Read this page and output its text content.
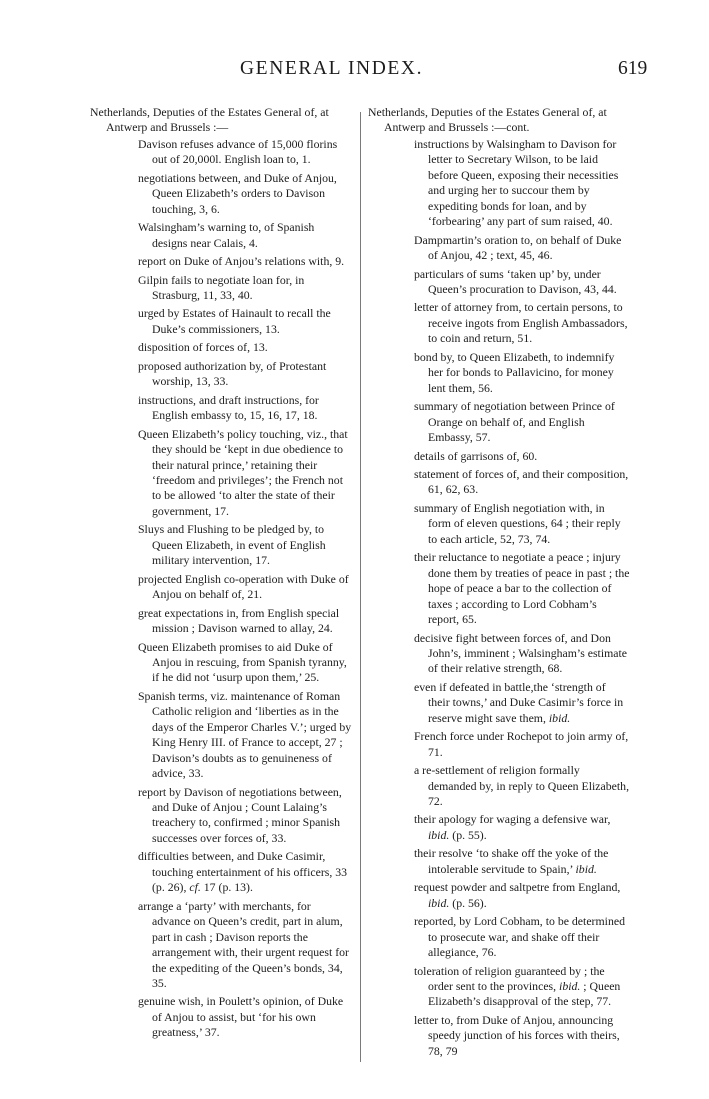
GENERAL INDEX.	619
Netherlands, Deputies of the Estates General of, at Antwerp and Brussels :—
Davison refuses advance of 15,000 florins out of 20,000l. English loan to, 1.
negotiations between, and Duke of Anjou, Queen Elizabeth’s orders to Davison touching, 3, 6.
Walsingham’s warning to, of Spanish designs near Calais, 4.
report on Duke of Anjou’s relations with, 9.
Gilpin fails to negotiate loan for, in Strasburg, 11, 33, 40.
urged by Estates of Hainault to recall the Duke’s commissioners, 13.
disposition of forces of, 13.
proposed authorization by, of Protestant worship, 13, 33.
instructions, and draft instructions, for English embassy to, 15, 16, 17, 18.
Queen Elizabeth’s policy touching, viz., that they should be ‘kept in due obedience to their natural prince,’ retaining their ‘freedom and privileges’; the French not to be allowed ‘to alter the state of their government, 17.
Sluys and Flushing to be pledged by, to Queen Elizabeth, in event of English military intervention, 17.
projected English co-operation with Duke of Anjou on behalf of, 21.
great expectations in, from English special mission ; Davison warned to allay, 24.
Queen Elizabeth promises to aid Duke of Anjou in rescuing, from Spanish tyranny, if he did not ‘usurp upon them,’ 25.
Spanish terms, viz. maintenance of Roman Catholic religion and ‘liberties as in the days of the Emperor Charles V.’; urged by King Henry III. of France to accept, 27 ; Davison’s doubts as to genuineness of advice, 33.
report by Davison of negotiations between, and Duke of Anjou ; Count Lalaing’s treachery to, confirmed ; minor Spanish successes over forces of, 33.
difficulties between, and Duke Casimir, touching entertainment of his officers, 33 (p. 26), cf. 17 (p. 13).
arrange a ‘party’ with merchants, for advance on Queen’s credit, part in alum, part in cash ; Davison reports the arrangement with, their urgent request for the expediting of the Queen’s bonds, 34, 35.
genuine wish, in Poulett’s opinion, of Duke of Anjou to assist, but ‘for his own greatness,’ 37.
Netherlands, Deputies of the Estates General of, at Antwerp and Brussels :—cont.
instructions by Walsingham to Davison for letter to Secretary Wilson, to be laid before Queen, exposing their necessities and urging her to succour them by expediting bonds for loan, and by ‘forbearing’ any part of sum raised, 40.
Dampmartin’s oration to, on behalf of Duke of Anjou, 42 ; text, 45, 46.
particulars of sums ‘taken up’ by, under Queen’s procuration to Davison, 43, 44.
letter of attorney from, to certain persons, to receive ingots from English Ambassadors, to coin and return, 51.
bond by, to Queen Elizabeth, to indemnify her for bonds to Pallavicino, for money lent them, 56.
summary of negotiation between Prince of Orange on behalf of, and English Embassy, 57.
details of garrisons of, 60.
statement of forces of, and their composition, 61, 62, 63.
summary of English negotiation with, in form of eleven questions, 64 ; their reply to each article, 52, 73, 74.
their reluctance to negotiate a peace ; injury done them by treaties of peace in past ; the hope of peace a bar to the collection of taxes ; according to Lord Cobham’s report, 65.
decisive fight between forces of, and Don John’s, imminent ; Walsingham’s estimate of their relative strength, 68.
even if defeated in battle,the ‘strength of their towns,’ and Duke Casimir’s force in reserve might save them, ibid.
French force under Rochepot to join army of, 71.
a re-settlement of religion formally demanded by, in reply to Queen Elizabeth, 72.
their apology for waging a defensive war, ibid. (p. 55).
their resolve ‘to shake off the yoke of the intolerable servitude to Spain,’ ibid.
request powder and saltpetre from England, ibid. (p. 56).
reported, by Lord Cobham, to be determined to prosecute war, and shake off their allegiance, 76.
toleration of religion guaranteed by ; the order sent to the provinces, ibid. ; Queen Elizabeth’s disapproval of the step, 77.
letter to, from Duke of Anjou, announcing speedy junction of his forces with theirs, 78, 79
